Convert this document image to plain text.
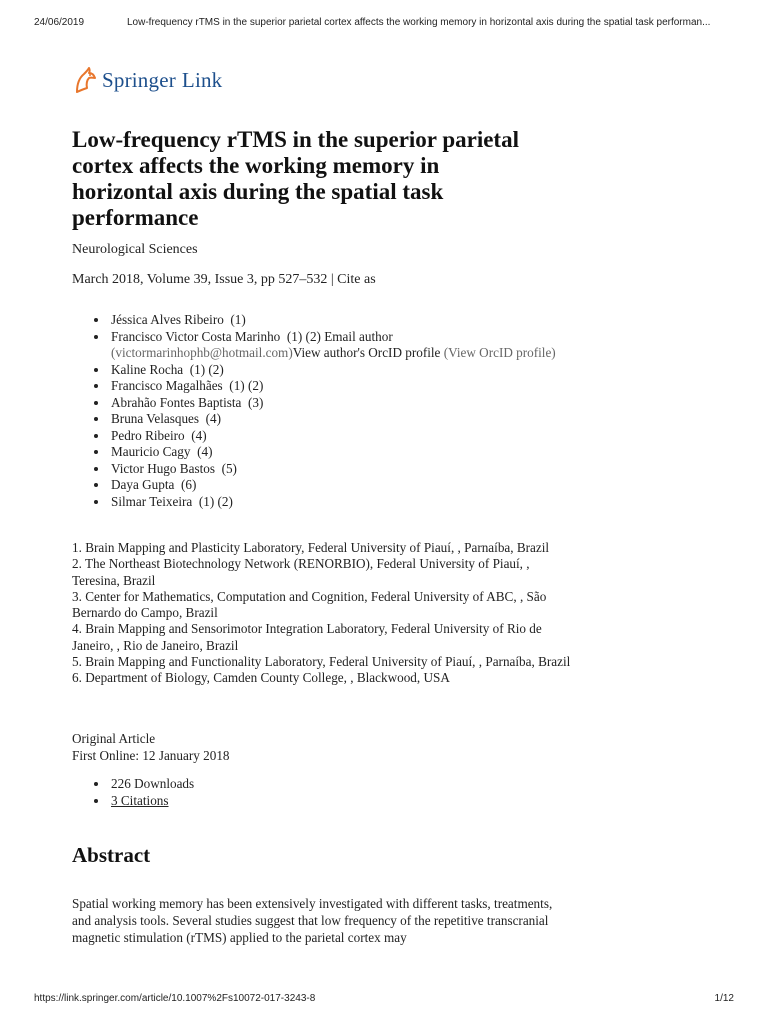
24/06/2019	Low-frequency rTMS in the superior parietal cortex affects the working memory in horizontal axis during the spatial task performan...
Springer Link
Low-frequency rTMS in the superior parietal cortex affects the working memory in horizontal axis during the spatial task performance
Neurological Sciences
March 2018, Volume 39, Issue 3, pp 527–532 | Cite as
Jéssica Alves Ribeiro (1)
Francisco Victor Costa Marinho (1) (2) Email author
(victormarinhophb@hotmail.com)View author's OrcID profile (View OrcID profile)
Kaline Rocha (1) (2)
Francisco Magalhães (1) (2)
Abrahão Fontes Baptista (3)
Bruna Velasques (4)
Pedro Ribeiro (4)
Mauricio Cagy (4)
Victor Hugo Bastos (5)
Daya Gupta (6)
Silmar Teixeira (1) (2)
1. Brain Mapping and Plasticity Laboratory, Federal University of Piauí, , Parnaíba, Brazil
2. The Northeast Biotechnology Network (RENORBIO), Federal University of Piauí, , Teresina, Brazil
3. Center for Mathematics, Computation and Cognition, Federal University of ABC, , São Bernardo do Campo, Brazil
4. Brain Mapping and Sensorimotor Integration Laboratory, Federal University of Rio de Janeiro, , Rio de Janeiro, Brazil
5. Brain Mapping and Functionality Laboratory, Federal University of Piauí, , Parnaíba, Brazil
6. Department of Biology, Camden County College, , Blackwood, USA
Original Article
First Online: 12 January 2018
226 Downloads
3 Citations
Abstract

Spatial working memory has been extensively investigated with different tasks, treatments, and analysis tools. Several studies suggest that low frequency of the repetitive transcranial magnetic stimulation (rTMS) applied to the parietal cortex may

https://link.springer.com/article/10.1007%2Fs10072-017-3243-8	1/12
